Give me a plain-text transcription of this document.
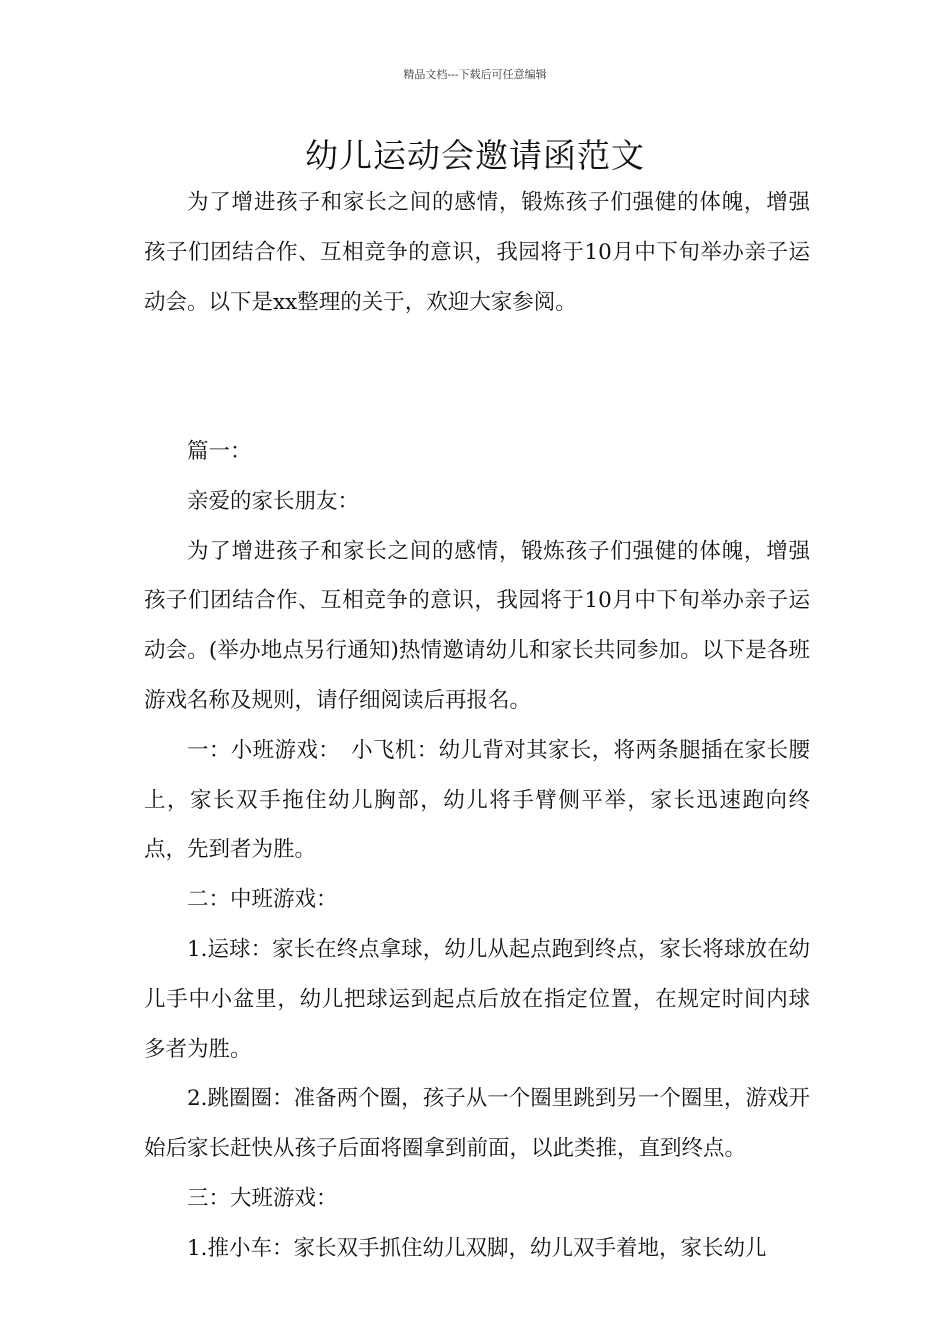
精品文档---下载后可任意编辑
幼儿运动会邀请函范文

为了增进孩子和家长之间的感情，锻炼孩子们强健的体魄，增强孩子们团结合作、互相竞争的意识，我园将于10月中下旬举办亲子运动会。以下是xx整理的关于，欢迎大家参阅。

篇一：

亲爱的家长朋友：

为了增进孩子和家长之间的感情，锻炼孩子们强健的体魄，增强孩子们团结合作、互相竞争的意识，我园将于10月中下旬举办亲子运动会。(举办地点另行通知)热情邀请幼儿和家长共同参加。以下是各班游戏名称及规则，请仔细阅读后再报名。

一：小班游戏：　小飞机：幼儿背对其家长，将两条腿插在家长腰上，家长双手拖住幼儿胸部，幼儿将手臂侧平举，家长迅速跑向终点，先到者为胜。

二：中班游戏：

1.运球：家长在终点拿球，幼儿从起点跑到终点，家长将球放在幼儿手中小盆里，幼儿把球运到起点后放在指定位置，在规定时间内球多者为胜。

2.跳圈圈：准备两个圈，孩子从一个圈里跳到另一个圈里，游戏开始后家长赶快从孩子后面将圈拿到前面，以此类推，直到终点。

三：大班游戏：

1.推小车：家长双手抓住幼儿双脚，幼儿双手着地，家长幼儿
